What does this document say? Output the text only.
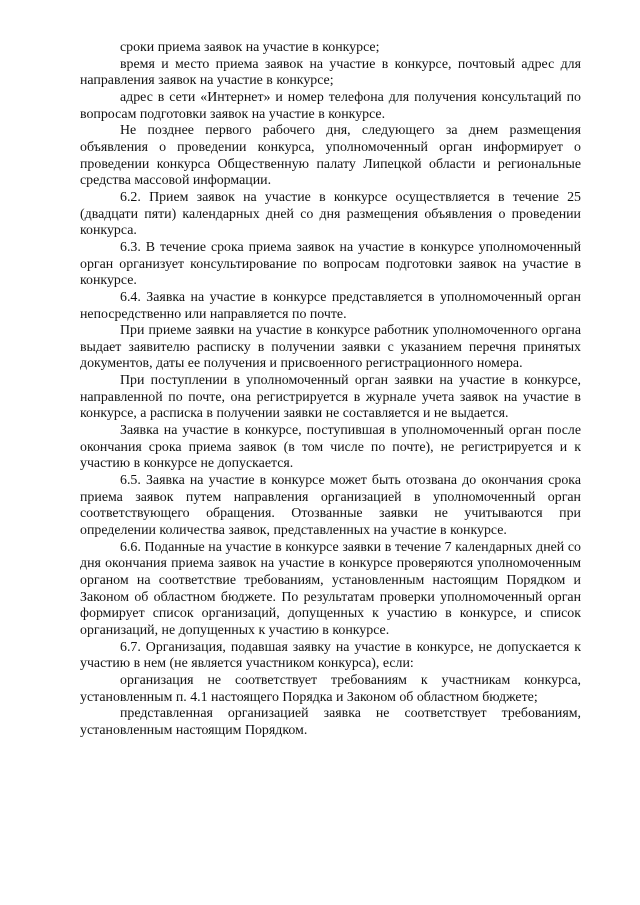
сроки приема заявок на участие в конкурсе;

время и место приема заявок на участие в конкурсе, почтовый адрес для направления заявок на участие в конкурсе;

адрес в сети «Интернет» и номер телефона для получения консультаций по вопросам подготовки заявок на участие в конкурсе.

Не позднее первого рабочего дня, следующего за днем размещения объявления о проведении конкурса, уполномоченный орган информирует о проведении конкурса Общественную палату Липецкой области и региональные средства массовой информации.

6.2. Прием заявок на участие в конкурсе осуществляется в течение 25 (двадцати пяти) календарных дней со дня размещения объявления о проведении конкурса.

6.3. В течение срока приема заявок на участие в конкурсе уполномоченный орган организует консультирование по вопросам подготовки заявок на участие в конкурсе.

6.4. Заявка на участие в конкурсе представляется в уполномоченный орган непосредственно или направляется по почте.

При приеме заявки на участие в конкурсе работник уполномоченного органа выдает заявителю расписку в получении заявки с указанием перечня принятых документов, даты ее получения и присвоенного регистрационного номера.

При поступлении в уполномоченный орган заявки на участие в конкурсе, направленной по почте, она регистрируется в журнале учета заявок на участие в конкурсе, а расписка в получении заявки не составляется и не выдается.

Заявка на участие в конкурсе, поступившая в уполномоченный орган после окончания срока приема заявок (в том числе по почте), не регистрируется и к участию в конкурсе не допускается.

6.5. Заявка на участие в конкурсе может быть отозвана до окончания срока приема заявок путем направления организацией в уполномоченный орган соответствующего обращения. Отозванные заявки не учитываются при определении количества заявок, представленных на участие в конкурсе.

6.6. Поданные на участие в конкурсе заявки в течение 7 календарных дней со дня окончания приема заявок на участие в конкурсе проверяются уполномоченным органом на соответствие требованиям, установленным настоящим Порядком и Законом об областном бюджете. По результатам проверки уполномоченный орган формирует список организаций, допущенных к участию в конкурсе, и список организаций, не допущенных к участию в конкурсе.

6.7. Организация, подавшая заявку на участие в конкурсе, не допускается к участию в нем (не является участником конкурса), если:

организация не соответствует требованиям к участникам конкурса, установленным п. 4.1 настоящего Порядка и Законом об областном бюджете;

представленная организацией заявка не соответствует требованиям, установленным настоящим Порядком.
